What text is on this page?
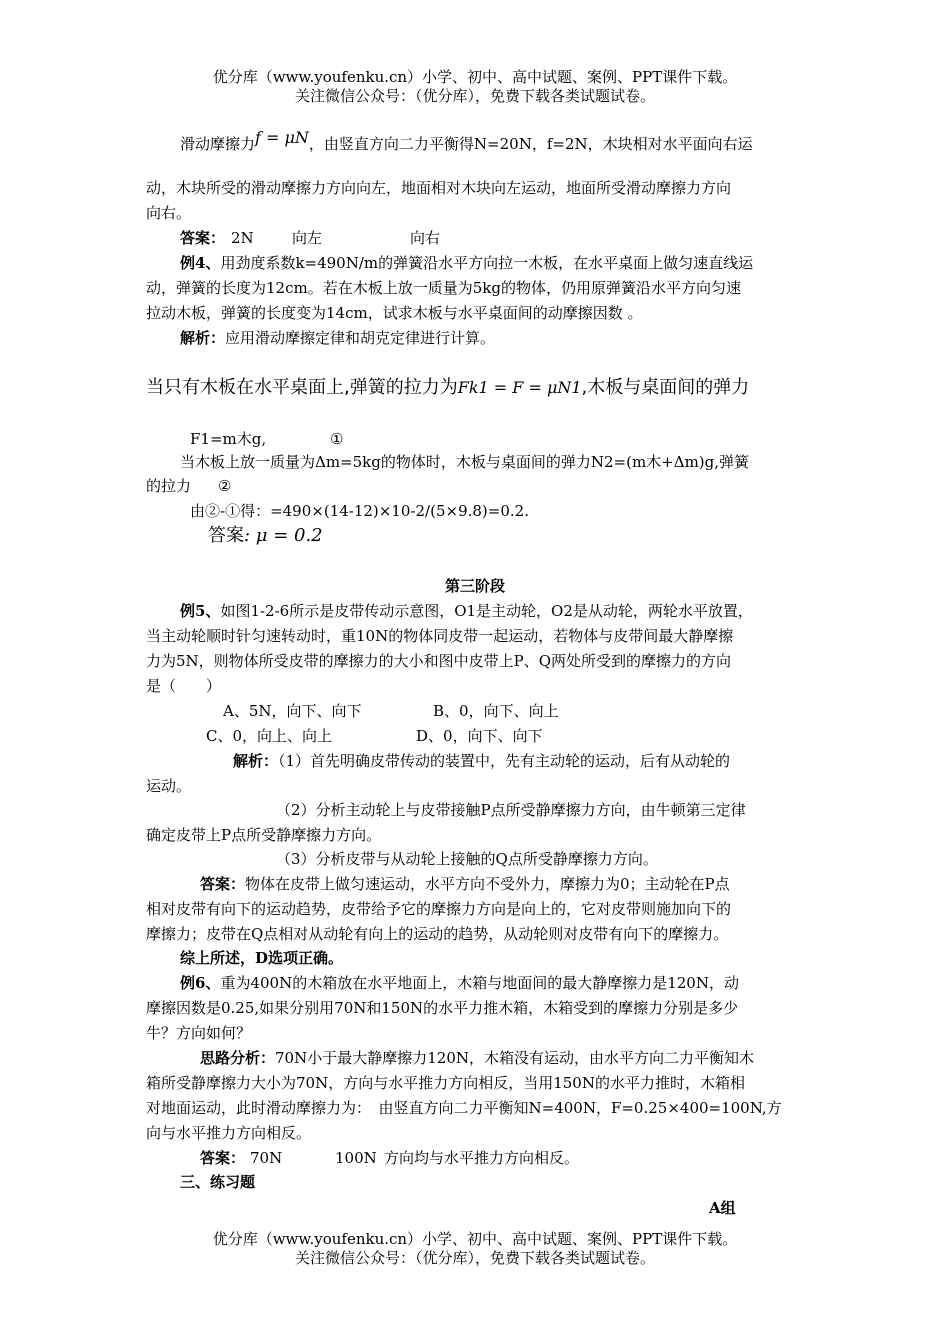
优分库（www.youfenku.cn）小学、初中、高中试题、案例、PPT课件下载。
关注微信公众号：（优分库），免费下载各类试题试卷。
滑动摩擦力f = μN，由竖直方向二力平衡得N=20N，f=2N，木块相对水平面向右运
动，木块所受的滑动摩擦力方向向左，地面相对木块向左运动，地面所受滑动摩擦力方向
向右。
答案： 2N	向左	向右
例4、用劲度系数k=490N/m的弹簧沿水平方向拉一木板，在水平桌面上做匀速直线运
动，弹簧的长度为12cm。若在木板上放一质量为5kg的物体，仍用原弹簧沿水平方向匀速
拉动木板，弹簧的长度变为14cm，试求木板与水平桌面间的动摩擦因数 。
解析：应用滑动摩擦定律和胡克定律进行计算。
当只有木板在水平桌面上,弹簧的拉力为Fk1 = F = μN1,木板与桌面间的弹力
F1=m木g,	①
当木板上放一质量为Δm=5kg的物体时，木板与桌面间的弹力N2=(m木+Δm)g,弹簧
的拉力 ②
由②-①得：=490×(14-12)×10-2/(5×9.8)=0.2.
答案: μ = 0.2
第三阶段
例5、如图1-2-6所示是皮带传动示意图，O1是主动轮，O2是从动轮，两轮水平放置，
当主动轮顺时针匀速转动时，重10N的物体同皮带一起运动，若物体与皮带间最大静摩擦
力为5N，则物体所受皮带的摩擦力的大小和图中皮带上P、Q两处所受到的摩擦力的方向
是（　　）
A、5N，向下、向下	B、0，向下、向上
C、0，向上、向上	D、0，向下、向下
解析：（1）首先明确皮带传动的装置中，先有主动轮的运动，后有从动轮的
运动。
（2）分析主动轮上与皮带接触P点所受静摩擦力方向，由牛顿第三定律
确定皮带上P点所受静摩擦力方向。
（3）分析皮带与从动轮上接触的Q点所受静摩擦力方向。
答案：物体在皮带上做匀速运动，水平方向不受外力，摩擦力为0；主动轮在P点
相对皮带有向下的运动趋势，皮带给予它的摩擦力方向是向上的，它对皮带则施加向下的
摩擦力；皮带在Q点相对从动轮有向上的运动的趋势，从动轮则对皮带有向下的摩擦力。
综上所述，D选项正确。
例6、重为400N的木箱放在水平地面上，木箱与地面间的最大静摩擦力是120N，动
摩擦因数是0.25,如果分别用70N和150N的水平力推木箱，木箱受到的摩擦力分别是多少
牛？方向如何？
思路分析：70N小于最大静摩擦力120N，木箱没有运动，由水平方向二力平衡知木
箱所受静摩擦力大小为70N，方向与水平推力方向相反，当用150N的水平力推时，木箱相
对地面运动，此时滑动摩擦力为：　由竖直方向二力平衡知N=400N，F=0.25×400=100N,方
向与水平推力方向相反。
答案： 70N	100N 方向均与水平推力方向相反。
三、练习题
A组
优分库（www.youfenku.cn）小学、初中、高中试题、案例、PPT课件下载。
关注微信公众号：（优分库），免费下载各类试题试卷。
